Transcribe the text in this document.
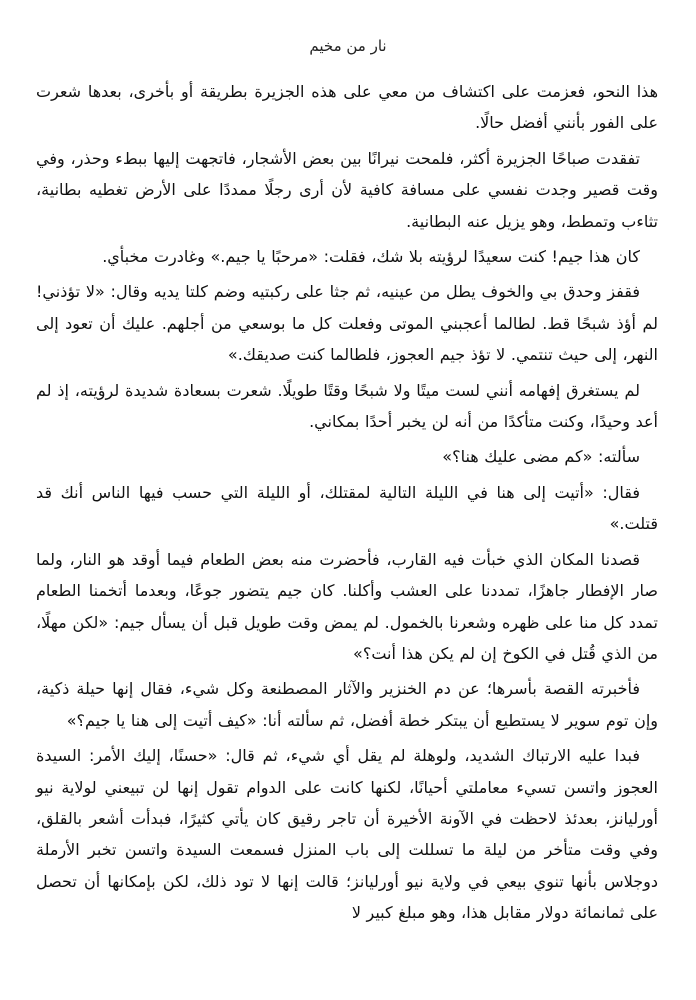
نار من مخيم

هذا النحو، فعزمت على اكتشاف من معي على هذه الجزيرة بطريقة أو بأخرى، بعدها شعرت على الفور بأنني أفضل حالًا.

تفقدت صباحًا الجزيرة أكثر، فلمحت نيرانًا بين بعض الأشجار، فاتجهت إليها ببطء وحذر، وفي وقت قصير وجدت نفسي على مسافة كافية لأن أرى رجلًا ممددًا على الأرض تغطيه بطانية، تثاءب وتمطط، وهو يزيل عنه البطانية.

كان هذا جيم! كنت سعيدًا لرؤيته بلا شك، فقلت: «مرحبًا يا جيم.» وغادرت مخبأي.

فقفز وحدق بي والخوف يطل من عينيه، ثم جثا على ركبتيه وضم كلتا يديه وقال: «لا تؤذني! لم أؤذ شبحًا قط. لطالما أعجبني الموتى وفعلت كل ما بوسعي من أجلهم. عليك أن تعود إلى النهر، إلى حيث تنتمي. لا تؤذ جيم العجوز، فلطالما كنت صديقك.»

لم يستغرق إفهامه أنني لست ميتًا ولا شبحًا وقتًا طويلًا. شعرت بسعادة شديدة لرؤيته، إذ لم أعد وحيدًا، وكنت متأكدًا من أنه لن يخبر أحدًا بمكاني.

سألته: «كم مضى عليك هنا؟»

فقال: «أتيت إلى هنا في الليلة التالية لمقتلك، أو الليلة التي حسب فيها الناس أنك قد قتلت.»

قصدنا المكان الذي خبأت فيه القارب، فأحضرت منه بعض الطعام فيما أوقد هو النار، ولما صار الإفطار جاهزًا، تمددنا على العشب وأكلنا. كان جيم يتضور جوعًا، وبعدما أتخمنا الطعام تمدد كل منا على ظهره وشعرنا بالخمول. لم يمض وقت طويل قبل أن يسأل جيم: «لكن مهلًا، من الذي قُتل في الكوخ إن لم يكن هذا أنت؟»

فأخبرته القصة بأسرها؛ عن دم الخنزير والآثار المصطنعة وكل شيء، فقال إنها حيلة ذكية، وإن توم سوير لا يستطيع أن يبتكر خطة أفضل، ثم سألته أنا: «كيف أتيت إلى هنا يا جيم؟»

فبدا عليه الارتباك الشديد، ولوهلة لم يقل أي شيء، ثم قال: «حسنًا، إليك الأمر: السيدة العجوز واتسن تسيء معاملتي أحيانًا، لكنها كانت على الدوام تقول إنها لن تبيعني لولاية نيو أورليانز، بعدئذ لاحظت في الآونة الأخيرة أن تاجر رقيق كان يأتي كثيرًا، فبدأت أشعر بالقلق، وفي وقت متأخر من ليلة ما تسللت إلى باب المنزل فسمعت السيدة واتسن تخبر الأرملة دوجلاس بأنها تنوي بيعي في ولاية نيو أورليانز؛ قالت إنها لا تود ذلك، لكن بإمكانها أن تحصل على ثمانمائة دولار مقابل هذا، وهو مبلغ كبير لا
